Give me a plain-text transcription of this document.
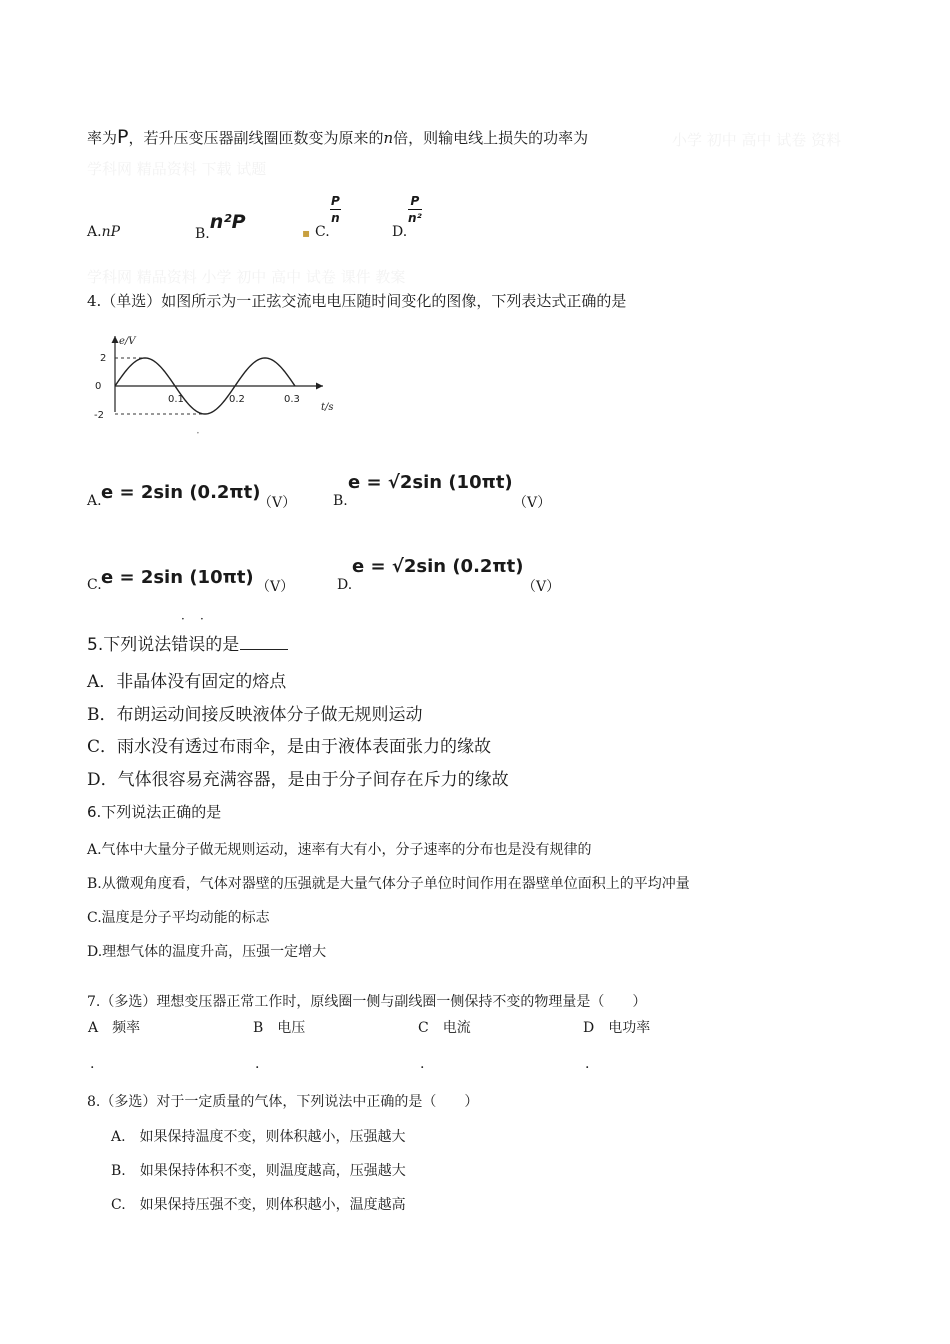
率为P，若升压变压器副线圈匝数变为原来的n倍，则输电线上损失的功率为	小学 初中 高中 试卷 资料
学科网 精品资料 下载 试题
A.nP	B.n²P	▪ C.
$\frac{P}{n}$
D.
$\frac{P}{\text{n²}}$
学科网 精品资料 小学 初中 高中 试卷 课件 教案
4.（单选）如图所示为一正弦交流电电压随时间变化的图像，下列表达式正确的是
e/V
t/s
2
0
-2
0.1	0.2	0.3
·
A. e = 2sin (0.2πt)
（V）	B.
e = √2sin (10πt)
（V）
C. e = 2sin (10πt) （V）	D.
e = √2sin (0.2πt)
（V）
· ·
5.下列说法错误的是
A．非晶体没有固定的熔点
B．布朗运动间接反映液体分子做无规则运动
C．雨水没有透过布雨伞，是由于液体表面张力的缘故
D．气体很容易充满容器，是由于分子间存在斥力的缘故
6.下列说法正确的是
A.气体中大量分子做无规则运动，速率有大有小，分子速率的分布也是没有规律的
B.从微观角度看，气体对器壁的压强就是大量气体分子单位时间作用在器壁单位面积上的平均冲量
C.温度是分子平均动能的标志
D.理想气体的温度升高，压强一定增大
7.（多选）理想变压器正常工作时，原线圈一侧与副线圈一侧保持不变的物理量是（　　）
A　 频率	B　 电压	C　 电流	D　 电功率
.	.	.	.
8.（多选）对于一定质量的气体，下列说法中正确的是（　　）
A.　如果保持温度不变，则体积越小，压强越大
B.　如果保持体积不变，则温度越高，压强越大
C.　如果保持压强不变，则体积越小，温度越高
